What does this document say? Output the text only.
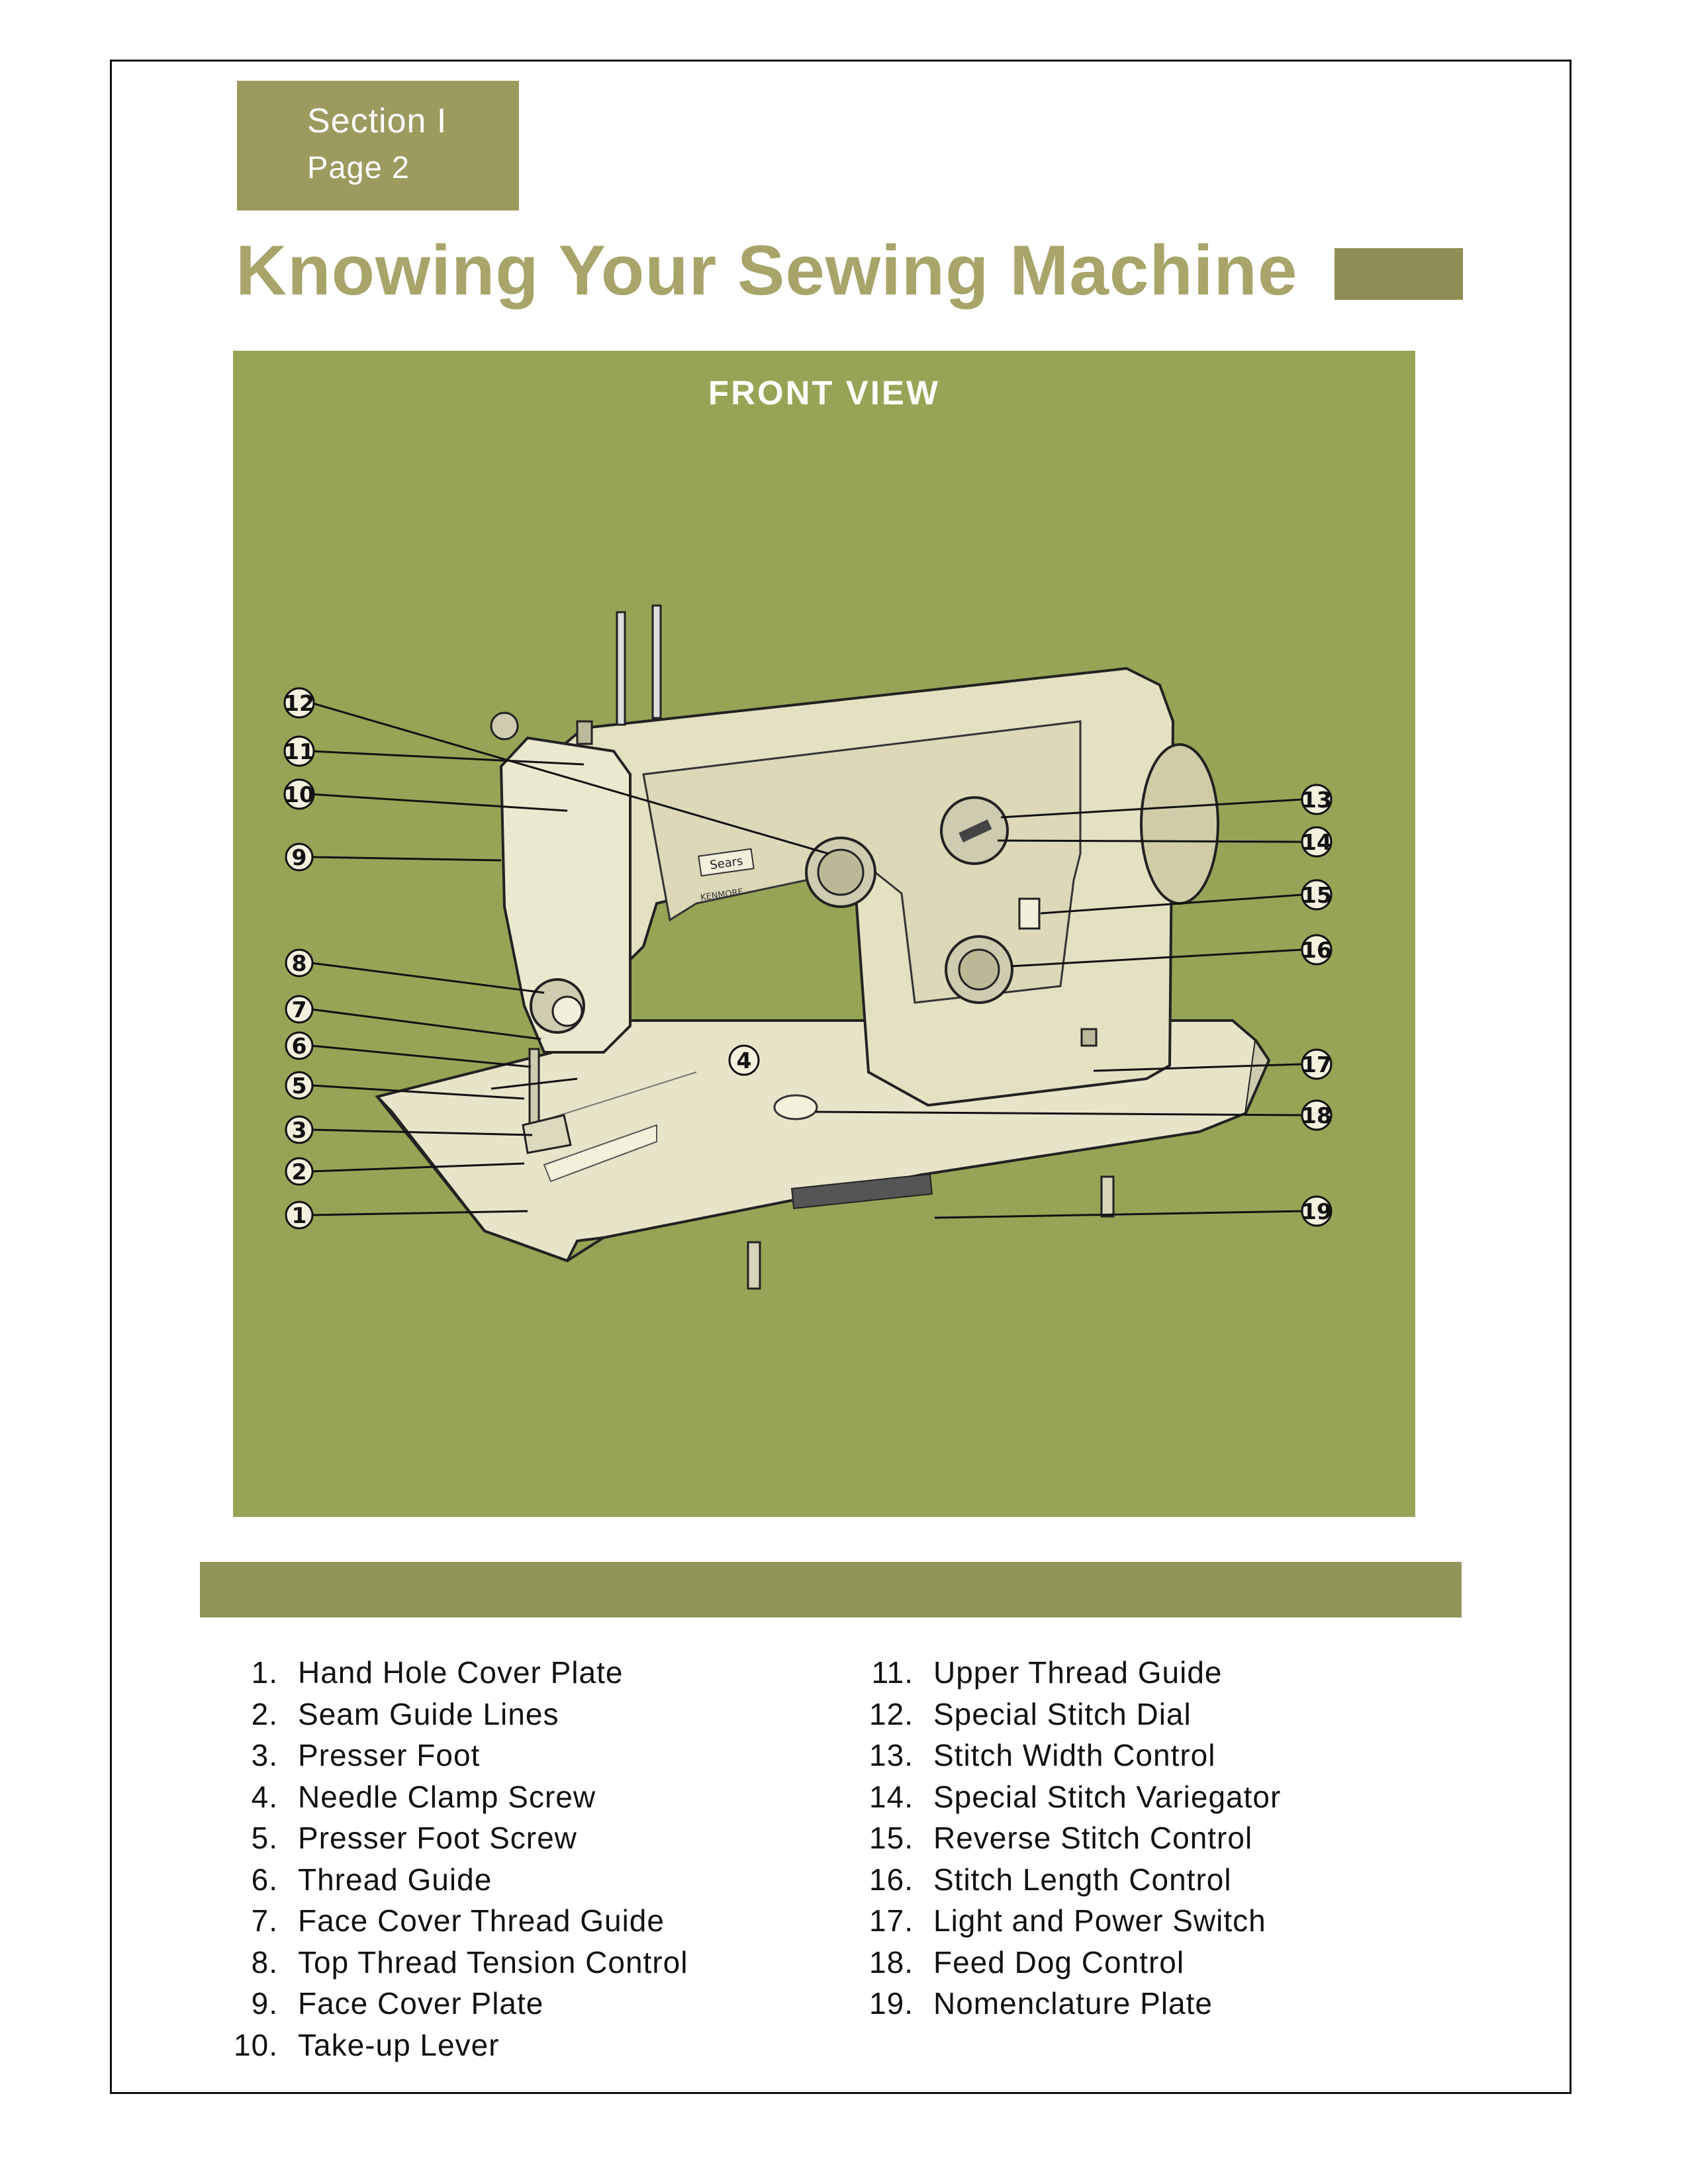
Section I
Page 2
Knowing Your Sewing Machine
FRONT VIEW
Sears
KENMORE
1
2
3
4
5
6
7
8
9
10
11
12
13
14
15
16
17
18
19
1. Hand Hole Cover Plate
2. Seam Guide Lines
3. Presser Foot
4. Needle Clamp Screw
5. Presser Foot Screw
6. Thread Guide
7. Face Cover Thread Guide
8. Top Thread Tension Control
9. Face Cover Plate
10. Take-up Lever
11. Upper Thread Guide
12. Special Stitch Dial
13. Stitch Width Control
14. Special Stitch Variegator
15. Reverse Stitch Control
16. Stitch Length Control
17. Light and Power Switch
18. Feed Dog Control
19. Nomenclature Plate
